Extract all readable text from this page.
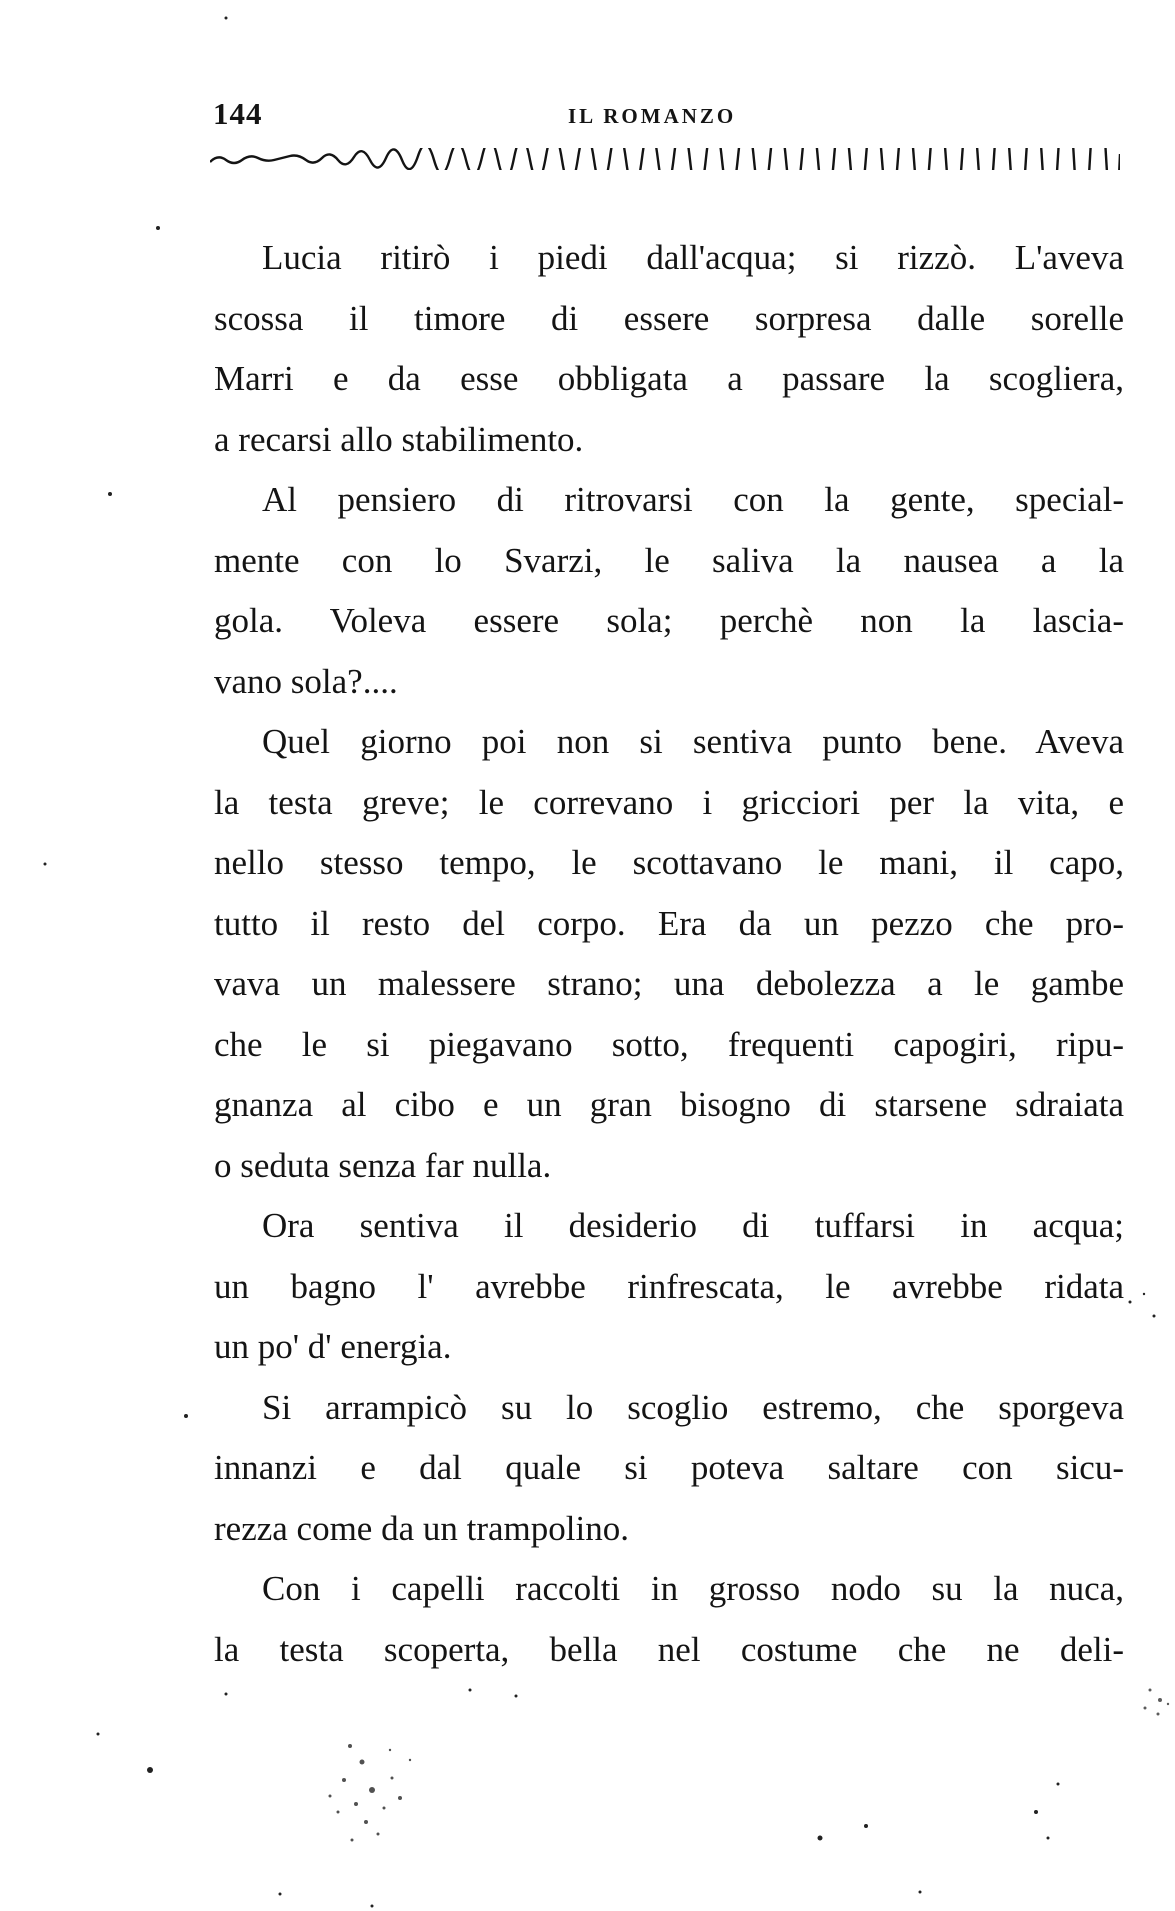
144	IL ROMANZO
Lucia ritirò i piedi dall'acqua; si rizzò. L'aveva
scossa il timore di essere sorpresa dalle sorelle
Marri e da esse obbligata a passare la scogliera,
a recarsi allo stabilimento.
Al pensiero di ritrovarsi con la gente, special-
mente con lo Svarzi, le saliva la nausea a la
gola. Voleva essere sola; perchè non la lascia-
vano sola?....
Quel giorno poi non si sentiva punto bene. Aveva
la testa greve; le correvano i gricciori per la vita, e
nello stesso tempo, le scottavano le mani, il capo,
tutto il resto del corpo. Era da un pezzo che pro-
vava un malessere strano; una debolezza a le gambe
che le si piegavano sotto, frequenti capogiri, ripu-
gnanza al cibo e un gran bisogno di starsene sdraiata
o seduta senza far nulla.
Ora sentiva il desiderio di tuffarsi in acqua;
un bagno l' avrebbe rinfrescata, le avrebbe ridata
un po' d' energia.
Si arrampicò su lo scoglio estremo, che sporgeva
innanzi e dal quale si poteva saltare con sicu-
rezza come da un trampolino.
Con i capelli raccolti in grosso nodo su la nuca,
la testa scoperta, bella nel costume che ne deli-
